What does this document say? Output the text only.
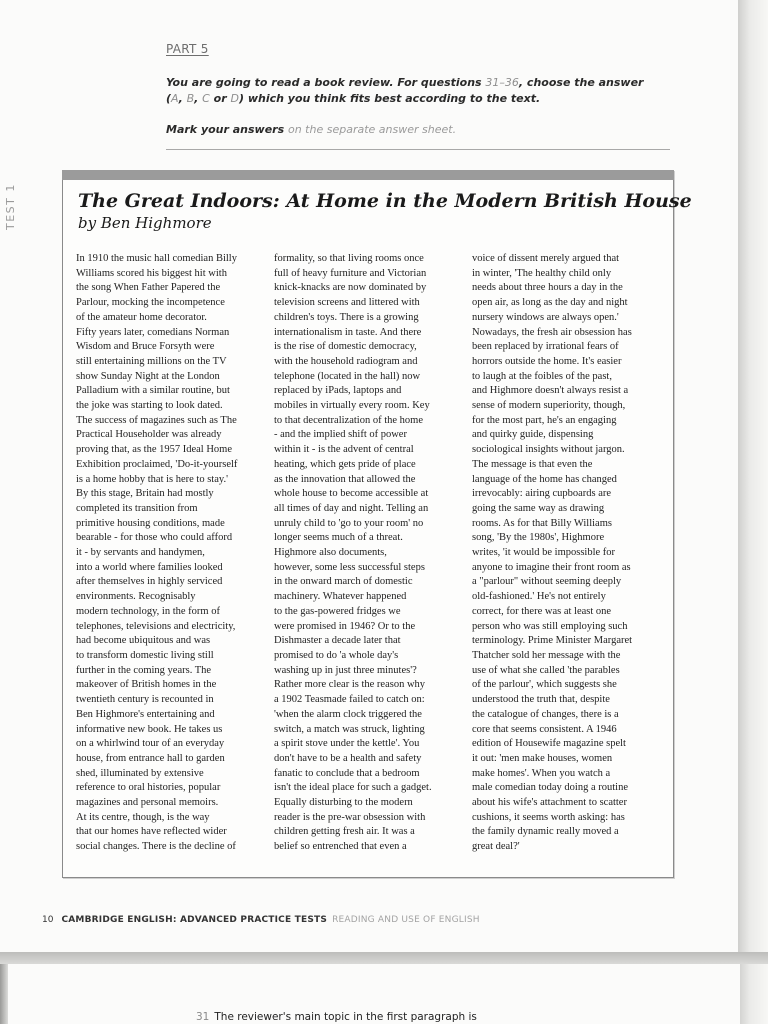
PART 5
You are going to read a book review. For questions 31–36, choose the answer (A, B, C or D) which you think fits best according to the text.
Mark your answers on the separate answer sheet.
TEST 1	The Great Indoors: At Home in the Modern British House
by Ben Highmore
In 1910 the music hall comedian Billy
Williams scored his biggest hit with
the song When Father Papered the
Parlour, mocking the incompetence
of the amateur home decorator.
Fifty years later, comedians Norman
Wisdom and Bruce Forsyth were
still entertaining millions on the TV
show Sunday Night at the London
Palladium with a similar routine, but
the joke was starting to look dated.
The success of magazines such as The
Practical Householder was already
proving that, as the 1957 Ideal Home
Exhibition proclaimed, 'Do-it-yourself
is a home hobby that is here to stay.'
By this stage, Britain had mostly
completed its transition from
primitive housing conditions, made
bearable - for those who could afford
it - by servants and handymen,
into a world where families looked
after themselves in highly serviced
environments. Recognisably
modern technology, in the form of
telephones, televisions and electricity,
had become ubiquitous and was
to transform domestic living still
further in the coming years. The
makeover of British homes in the
twentieth century is recounted in
Ben Highmore's entertaining and
informative new book. He takes us
on a whirlwind tour of an everyday
house, from entrance hall to garden
shed, illuminated by extensive
reference to oral histories, popular
magazines and personal memoirs.
At its centre, though, is the way
that our homes have reflected wider
social changes. There is the decline of
formality, so that living rooms once
full of heavy furniture and Victorian
knick-knacks are now dominated by
television screens and littered with
children's toys. There is a growing
internationalism in taste. And there
is the rise of domestic democracy,
with the household radiogram and
telephone (located in the hall) now
replaced by iPads, laptops and
mobiles in virtually every room. Key
to that decentralization of the home
- and the implied shift of power
within it - is the advent of central
heating, which gets pride of place
as the innovation that allowed the
whole house to become accessible at
all times of day and night. Telling an
unruly child to 'go to your room' no
longer seems much of a threat.
Highmore also documents,
however, some less successful steps
in the onward march of domestic
machinery. Whatever happened
to the gas-powered fridges we
were promised in 1946? Or to the
Dishmaster a decade later that
promised to do 'a whole day's
washing up in just three minutes'?
Rather more clear is the reason why
a 1902 Teasmade failed to catch on:
'when the alarm clock triggered the
switch, a match was struck, lighting
a spirit stove under the kettle'. You
don't have to be a health and safety
fanatic to conclude that a bedroom
isn't the ideal place for such a gadget.
Equally disturbing to the modern
reader is the pre-war obsession with
children getting fresh air. It was a
belief so entrenched that even a
voice of dissent merely argued that
in winter, 'The healthy child only
needs about three hours a day in the
open air, as long as the day and night
nursery windows are always open.'
Nowadays, the fresh air obsession has
been replaced by irrational fears of
horrors outside the home. It's easier
to laugh at the foibles of the past,
and Highmore doesn't always resist a
sense of modern superiority, though,
for the most part, he's an engaging
and quirky guide, dispensing
sociological insights without jargon.
The message is that even the
language of the home has changed
irrevocably: airing cupboards are
going the same way as drawing
rooms. As for that Billy Williams
song, 'By the 1980s', Highmore
writes, 'it would be impossible for
anyone to imagine their front room as
a "parlour" without seeming deeply
old-fashioned.' He's not entirely
correct, for there was at least one
person who was still employing such
terminology. Prime Minister Margaret
Thatcher sold her message with the
use of what she called 'the parables
of the parlour', which suggests she
understood the truth that, despite
the catalogue of changes, there is a
core that seems consistent. A 1946
edition of Housewife magazine spelt
it out: 'men make houses, women
make homes'. When you watch a
male comedian today doing a routine
about his wife's attachment to scatter
cushions, it seems worth asking: has
the family dynamic really moved a
great deal?'
10 CAMBRIDGE ENGLISH: ADVANCED PRACTICE TESTS READING AND USE OF ENGLISH
31 The reviewer's main topic in the first paragraph is
